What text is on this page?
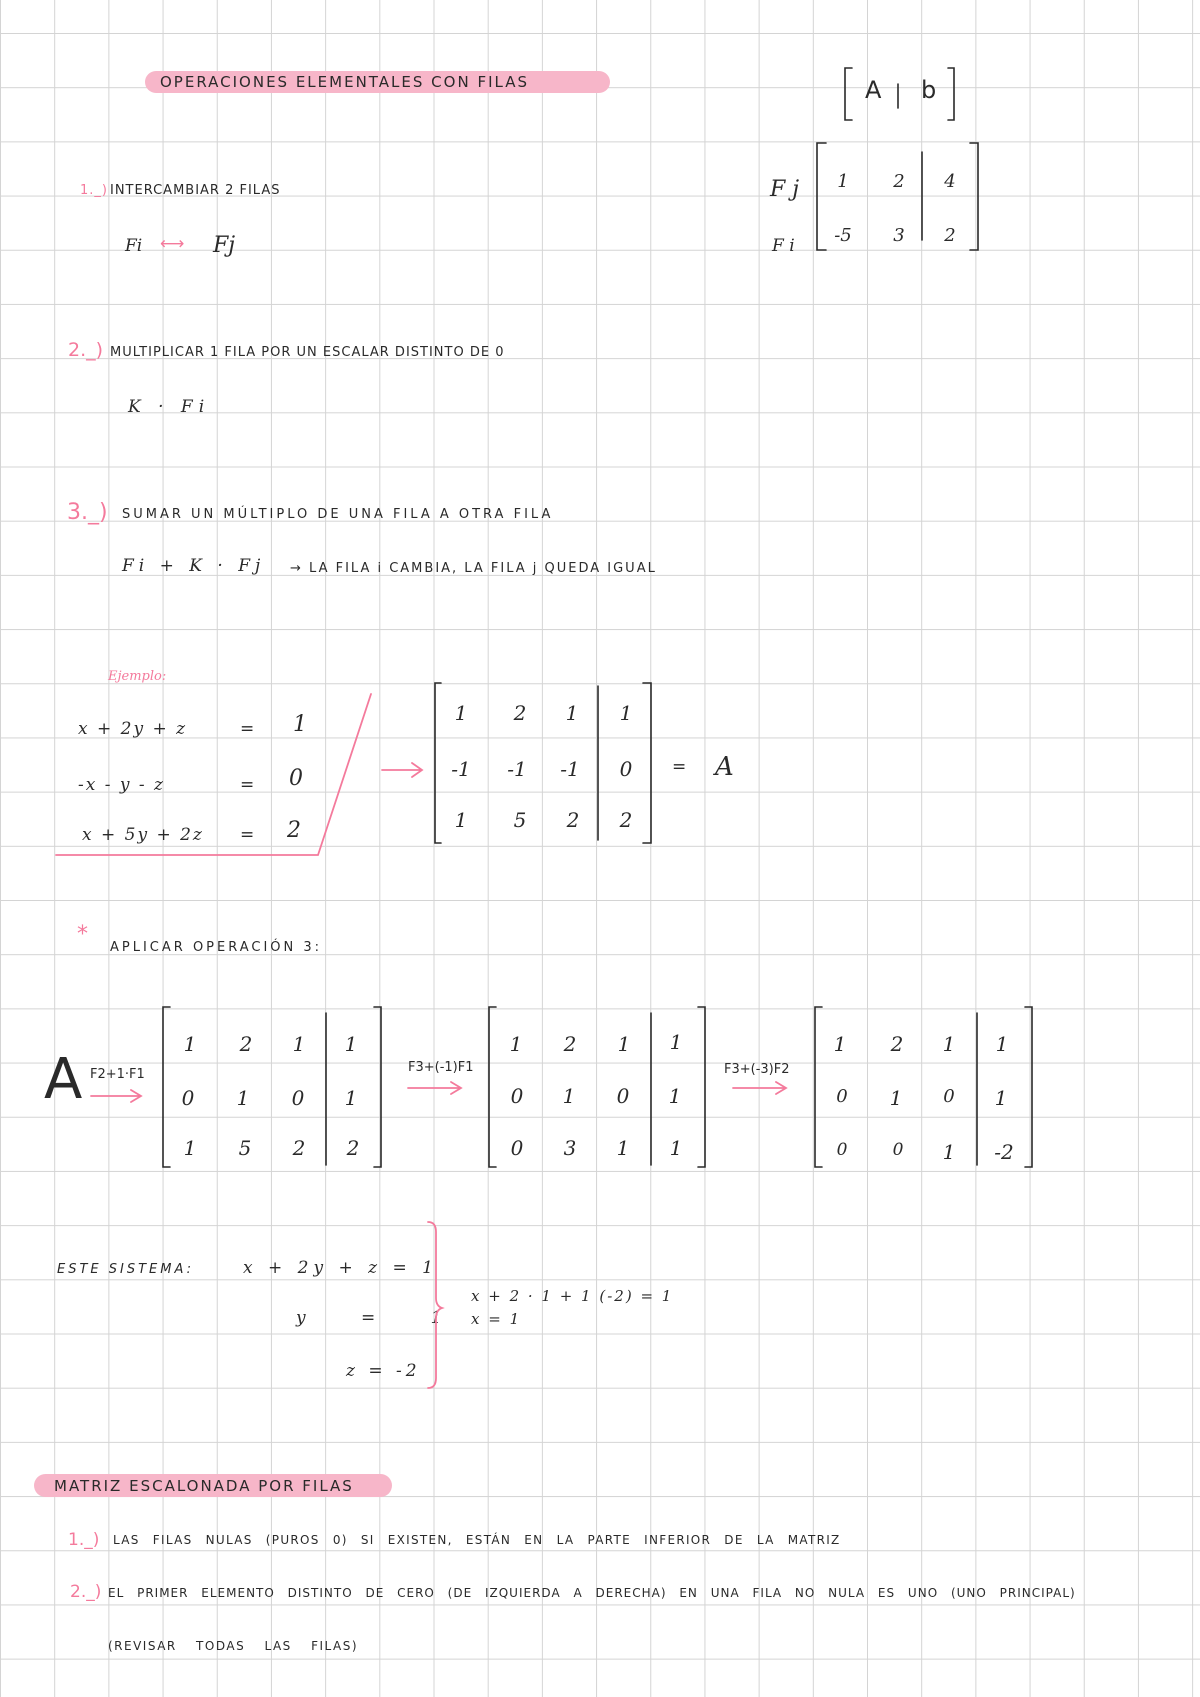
OPERACIONES ELEMENTALES CON FILAS	A b
F j
F i
1	2	4
-5	3	2
1._) INTERCAMBIAR 2 FILAS
Fi ⟷ Fj
2._) MULTIPLICAR 1 FILA POR UN ESCALAR DISTINTO DE 0
K · Fi
3._) SUMAR UN MÚLTIPLO DE UNA FILA A OTRA FILA
Fi + K · Fj → LA FILA i CAMBIA, LA FILA j QUEDA IGUAL
Ejemplo:
x + 2y + z	= 1
-x - y - z	= 0
x + 5y + 2z = 2
1	2	1	1
-1	-1	-1	0
1	5	2	2
= A
*
APLICAR OPERACIÓN 3:
A F2+1·F1	F3+(-1)F1	F3+(-3)F2
1	2	1	1
0	1	0	1
1	5	2	2
1	2	1	1
0	1	0	1
0	3	1	1
1	2	1	1
0	1	0	1
0	0	1	-2
ESTE SISTEMA:	x + 2y + z = 1
y = 1
z = -2
x + 2 · 1 + 1 (-2) = 1
x = 1
MATRIZ ESCALONADA POR FILAS
1._) LAS FILAS NULAS (PUROS 0) SI EXISTEN, ESTÁN EN LA PARTE INFERIOR DE LA MATRIZ
2._) EL PRIMER ELEMENTO DISTINTO DE CERO (DE IZQUIERDA A DERECHA) EN UNA FILA NO NULA ES UNO (UNO PRINCIPAL)
(REVISAR TODAS LAS FILAS)
